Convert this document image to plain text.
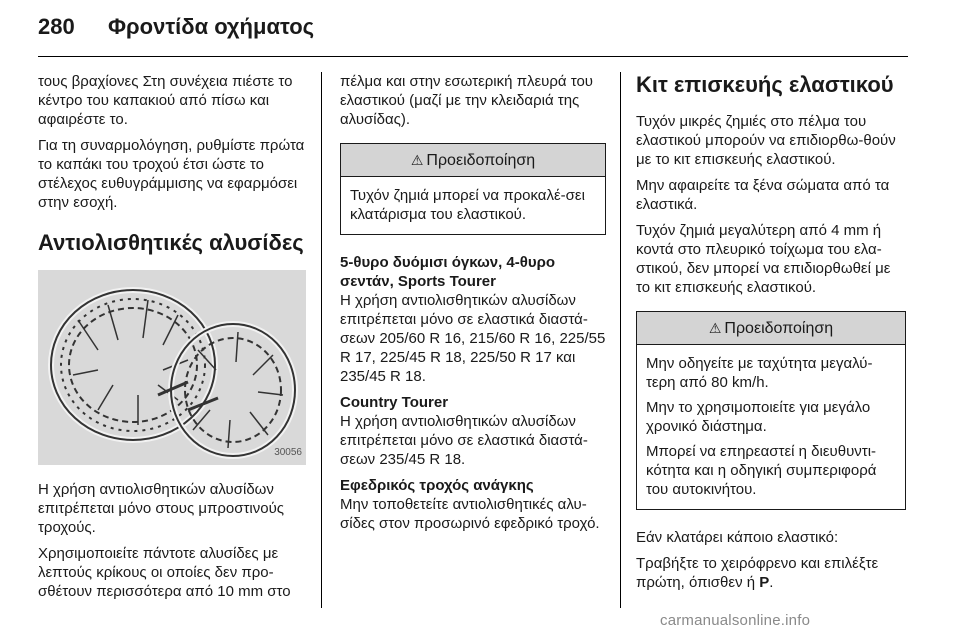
280	Φροντίδα οχήματος

τους βραχίονες Στη συνέχεια πιέστε το κέντρο του καπακιού από πίσω και αφαιρέστε το.

Για τη συναρμολόγηση, ρυθμίστε πρώτα το καπάκι του τροχού έτσι ώστε το στέλεχος ευθυγράμμισης να εφαρμόσει στην εσοχή.

Αντιολισθητικές αλυσίδες
30056

Η χρήση αντιολισθητικών αλυσίδων επιτρέπεται μόνο στους μπροστινούς τροχούς.

Χρησιμοποιείτε πάντοτε αλυσίδες με λεπτούς κρίκους οι οποίες δεν προ-σθέτουν περισσότερα από 10 mm στο

πέλμα και στην εσωτερική πλευρά του ελαστικού (μαζί με την κλειδαριά της αλυσίδας).

⚠ Προειδοποίηση

Τυχόν ζημιά μπορεί να προκαλέ-σει κλατάρισμα του ελαστικού.

5-θυρο δυόμισι όγκων, 4-θυρο σεντάν, Sports Tourer
Η χρήση αντιολισθητικών αλυσίδων επιτρέπεται μόνο σε ελαστικά διαστά-σεων 205/60 R 16, 215/60 R 16, 225/55 R 17, 225/45 R 18, 225/50 R 17 και 235/45 R 18.

Country Tourer
Η χρήση αντιολισθητικών αλυσίδων επιτρέπεται μόνο σε ελαστικά διαστά-σεων 235/45 R 18.

Εφεδρικός τροχός ανάγκης
Μην τοποθετείτε αντιολισθητικές αλυ-σίδες στον προσωρινό εφεδρικό τροχό.

Κιτ επισκευής ελαστικού

Τυχόν μικρές ζημιές στο πέλμα του ελαστικού μπορούν να επιδιορθω-θούν με το κιτ επισκευής ελαστικού.

Μην αφαιρείτε τα ξένα σώματα από τα ελαστικά.

Τυχόν ζημιά μεγαλύτερη από 4 mm ή κοντά στο πλευρικό τοίχωμα του ελα-στικού, δεν μπορεί να επιδιορθωθεί με το κιτ επισκευής ελαστικού.

⚠ Προειδοποίηση

Μην οδηγείτε με ταχύτητα μεγαλύ-τερη από 80 km/h.

Μην το χρησιμοποιείτε για μεγάλο χρονικό διάστημα.

Μπορεί να επηρεαστεί η διευθυντι-κότητα και η οδηγική συμπεριφορά του αυτοκινήτου.

Εάν κλατάρει κάποιο ελαστικό:

Τραβήξτε το χειρόφρενο και επιλέξτε πρώτη, όπισθεν ή P.

carmanualsonline.info
